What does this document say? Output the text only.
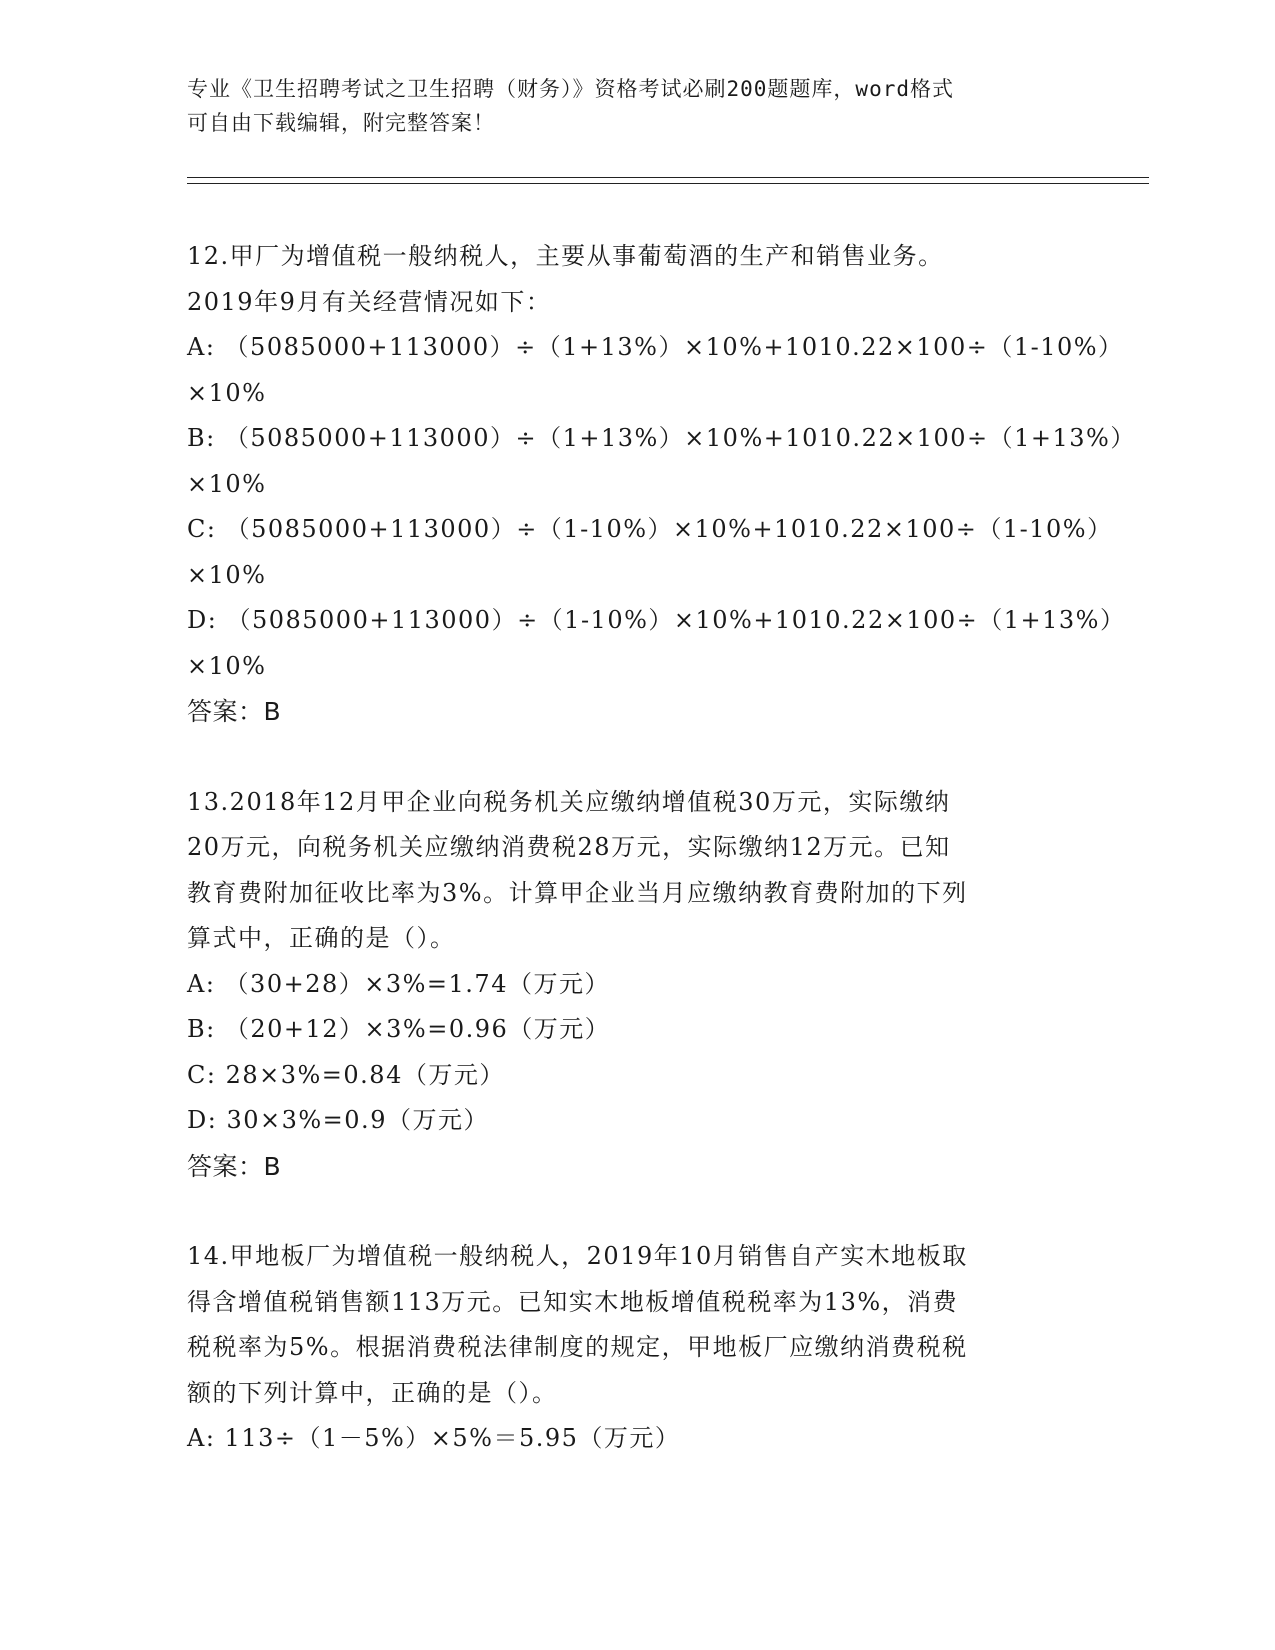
专业《卫生招聘考试之卫生招聘（财务）》资格考试必刷200题题库，word格式
可自由下载编辑，附完整答案！
12.甲厂为增值税一般纳税人，主要从事葡萄酒的生产和销售业务。
2019年9月有关经营情况如下：
A: （5085000+113000）÷（1+13%）×10%+1010.22×100÷（1-10%）
×10%
B: （5085000+113000）÷（1+13%）×10%+1010.22×100÷（1+13%）
×10%
C: （5085000+113000）÷（1-10%）×10%+1010.22×100÷（1-10%）
×10%
D: （5085000+113000）÷（1-10%）×10%+1010.22×100÷（1+13%）
×10%
答案：B
13.2018年12月甲企业向税务机关应缴纳增值税30万元，实际缴纳
20万元，向税务机关应缴纳消费税28万元，实际缴纳12万元。已知
教育费附加征收比率为3%。计算甲企业当月应缴纳教育费附加的下列
算式中，正确的是（）。
A: （30+28）×3%=1.74（万元）
B: （20+12）×3%=0.96（万元）
C: 28×3%=0.84（万元）
D: 30×3%=0.9（万元）
答案：B
14.甲地板厂为增值税一般纳税人，2019年10月销售自产实木地板取
得含增值税销售额113万元。已知实木地板增值税税率为13%，消费
税税率为5%。根据消费税法律制度的规定，甲地板厂应缴纳消费税税
额的下列计算中，正确的是（）。
A: 113÷（1－5%）×5%＝5.95（万元）
